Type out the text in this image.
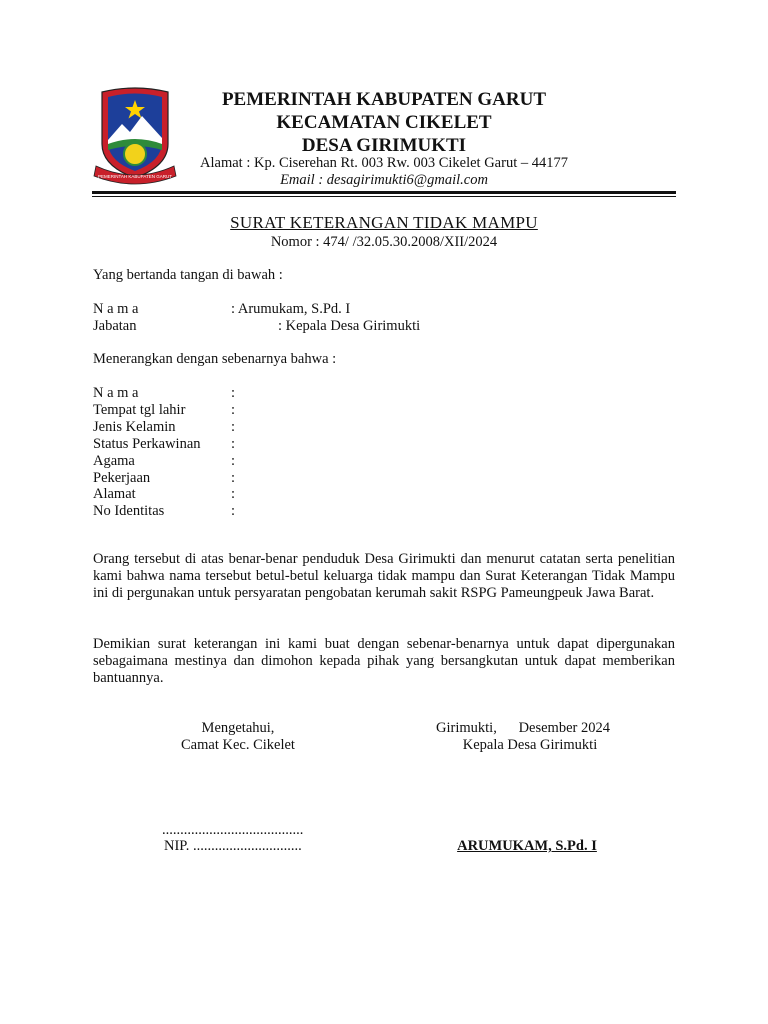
PEMERINTAH KABUPATEN GARUT
PEMERINTAH KABUPATEN GARUT
KECAMATAN CIKELET
DESA GIRIMUKTI
Alamat : Kp. Ciserehan Rt. 003 Rw. 003 Cikelet Garut – 44177
Email : desagirimukti6@gmail.com
SURAT KETERANGAN TIDAK MAMPU
Nomor : 474/ /32.05.30.2008/XII/2024
Yang bertanda tangan di bawah :
N a m a	: Arumukam, S.Pd. I
Jabatan	: Kepala Desa Girimukti
Menerangkan dengan sebenarnya bahwa :
N a m a	:
Tempat tgl lahir	:
Jenis Kelamin	:
Status Perkawinan :
Agama	:
Pekerjaan	:
Alamat	:
No Identitas	:
Orang tersebut di atas benar-benar penduduk Desa Girimukti dan menurut catatan serta penelitian kami bahwa nama tersebut betul-betul keluarga tidak mampu dan Surat Keterangan Tidak Mampu ini di pergunakan untuk persyaratan pengobatan kerumah sakit RSPG Pameungpeuk Jawa Barat.
Demikian surat keterangan ini kami buat dengan sebenar-benarnya untuk dapat dipergunakan sebagaimana mestinya dan dimohon kepada pihak yang bersangkutan untuk dapat memberikan bantuannya.
Mengetahui,
Camat Kec. Cikelet
.......................................
NIP. ..............................
Girimukti,      Desember 2024
Kepala Desa Girimukti
ARUMUKAM, S.Pd. I
